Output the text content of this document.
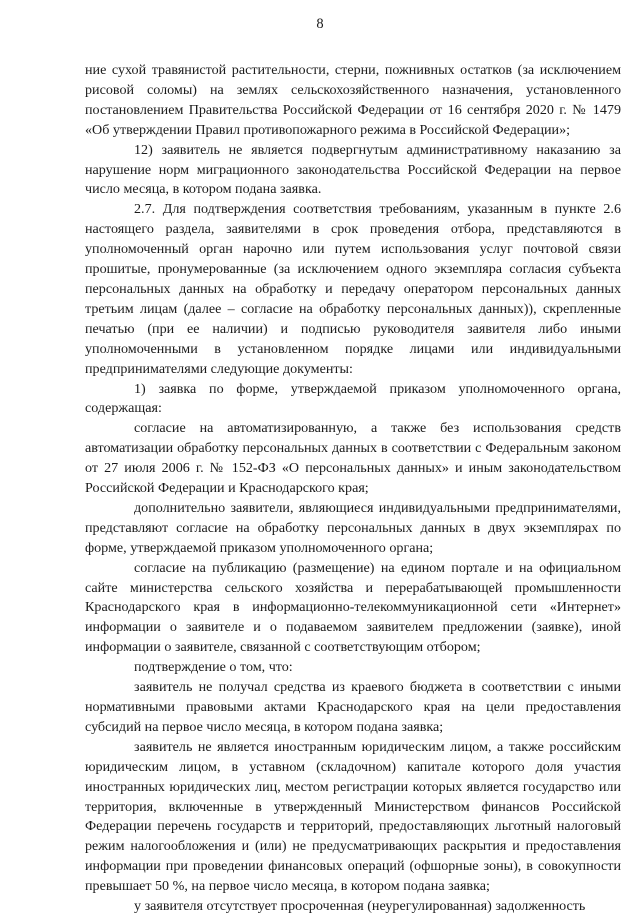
8

ние сухой травянистой растительности, стерни, пожнивных остатков (за исключением рисовой соломы) на землях сельскохозяйственного назначения, установленного постановлением Правительства Российской Федерации от 16 сентября 2020 г. № 1479 «Об утверждении Правил противопожарного режима в Российской Федерации»;

12) заявитель не является подвергнутым административному наказанию за нарушение норм миграционного законодательства Российской Федерации на первое число месяца, в котором подана заявка.

2.7. Для подтверждения соответствия требованиям, указанным в пункте 2.6 настоящего раздела, заявителями в срок проведения отбора, представляются в уполномоченный орган нарочно или путем использования услуг почтовой связи прошитые, пронумерованные (за исключением одного экземпляра согласия субъекта персональных данных на обработку и передачу оператором персональных данных третьим лицам (далее – согласие на обработку персональных данных)), скрепленные печатью (при ее наличии) и подписью руководителя заявителя либо иными уполномоченными в установленном порядке лицами или индивидуальными предпринимателями следующие документы:

1) заявка по форме, утверждаемой приказом уполномоченного органа, содержащая:

согласие на автоматизированную, а также без использования средств автоматизации обработку персональных данных в соответствии с Федеральным законом от 27 июля 2006 г. № 152-ФЗ «О персональных данных» и иным законодательством Российской Федерации и Краснодарского края;

дополнительно заявители, являющиеся индивидуальными предпринимателями, представляют согласие на обработку персональных данных в двух экземплярах по форме, утверждаемой приказом уполномоченного органа;

согласие на публикацию (размещение) на едином портале и на официальном сайте министерства сельского хозяйства и перерабатывающей промышленности Краснодарского края в информационно-телекоммуникационной сети «Интернет» информации о заявителе и о подаваемом заявителем предложении (заявке), иной информации о заявителе, связанной с соответствующим отбором;

подтверждение о том, что:

заявитель не получал средства из краевого бюджета в соответствии с иными нормативными правовыми актами Краснодарского края на цели предоставления субсидий на первое число месяца, в котором подана заявка;

заявитель не является иностранным юридическим лицом, а также российским юридическим лицом, в уставном (складочном) капитале которого доля участия иностранных юридических лиц, местом регистрации которых является государство или территория, включенные в утвержденный Министерством финансов Российской Федерации перечень государств и территорий, предоставляющих льготный налоговый режим налогообложения и (или) не предусматривающих раскрытия и предоставления информации при проведении финансовых операций (офшорные зоны), в совокупности превышает 50 %, на первое число месяца, в котором подана заявка;

у заявителя отсутствует просроченная (неурегулированная) задолженность
